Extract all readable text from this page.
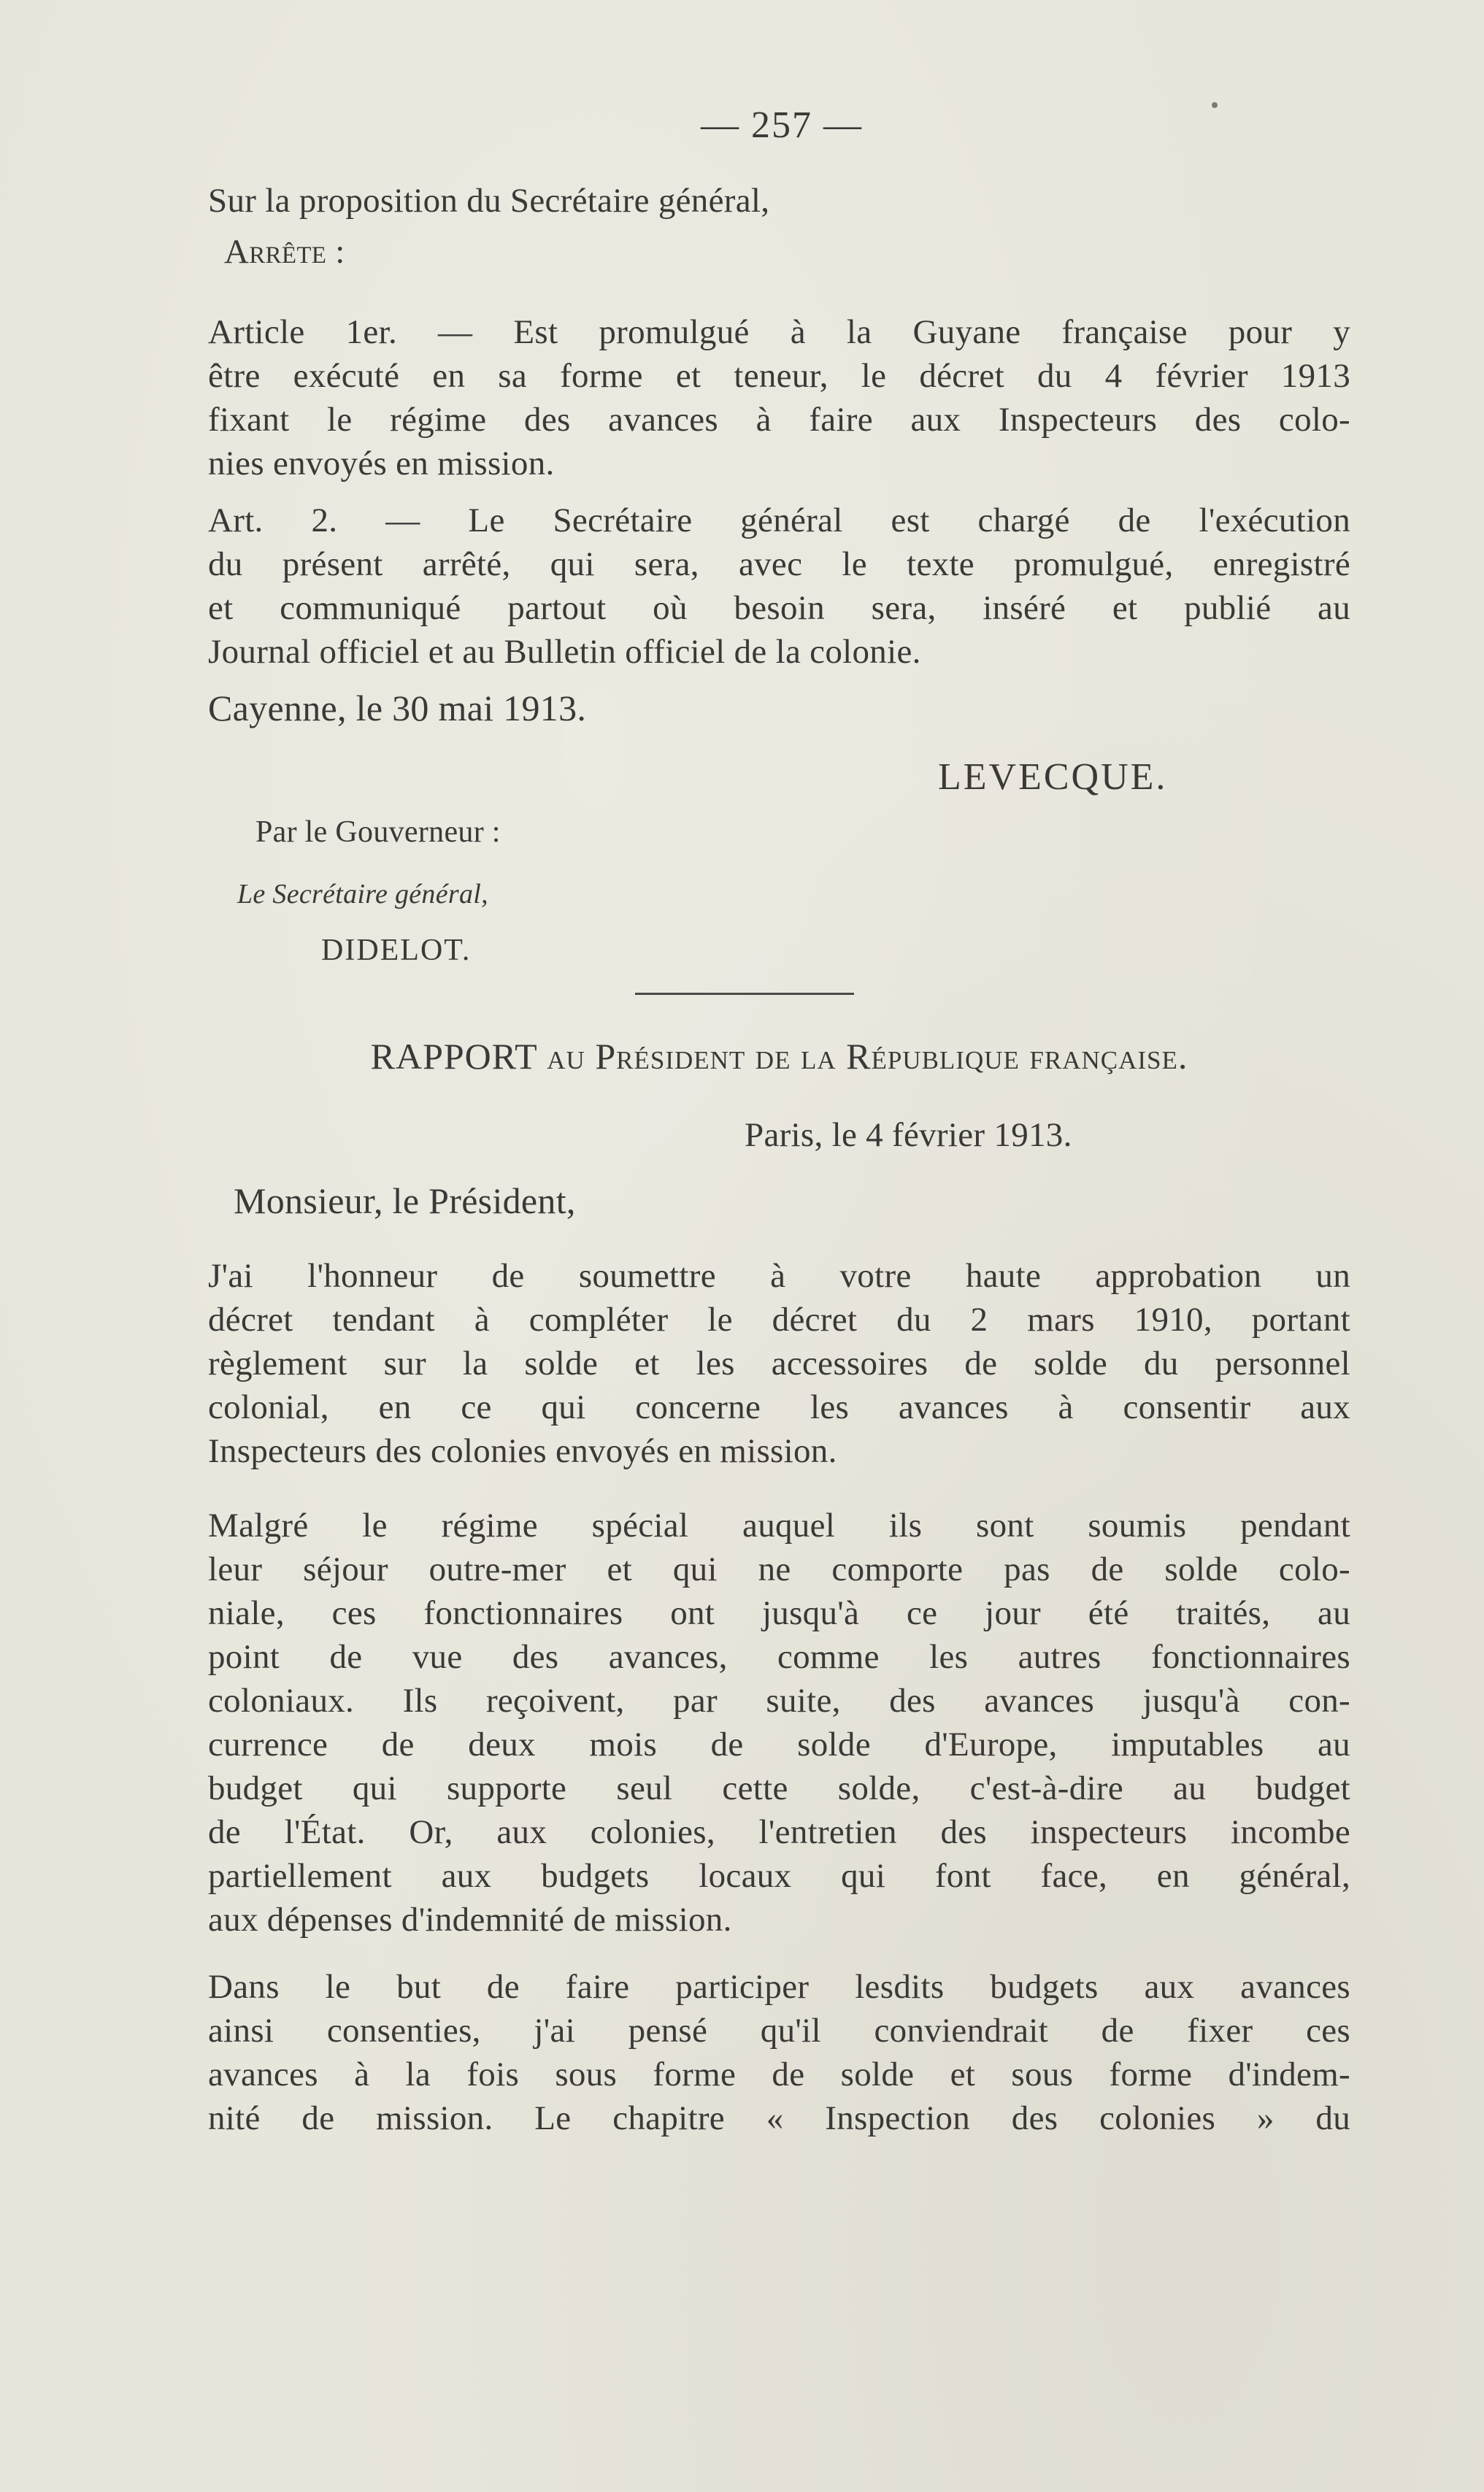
— 257 —
Sur la proposition du Secrétaire général,
Arrête :
Article 1er. — Est promulgué à la Guyane française pour y
être exécuté en sa forme et teneur, le décret du 4 février 1913
fixant le régime des avances à faire aux Inspecteurs des colo-
nies envoyés en mission.
Art. 2. — Le Secrétaire général est chargé de l'exécution
du présent arrêté, qui sera, avec le texte promulgué, enregistré
et communiqué partout où besoin sera, inséré et publié au
Journal officiel et au Bulletin officiel de la colonie.
Cayenne, le 30 mai 1913.
LEVECQUE.
Par le Gouverneur :
Le Secrétaire général,
DIDELOT.
RAPPORT au Président de la République française.
Paris, le 4 février 1913.
Monsieur, le Président,
J'ai l'honneur de soumettre à votre haute approbation un
décret tendant à compléter le décret du 2 mars 1910, portant
règlement sur la solde et les accessoires de solde du personnel
colonial, en ce qui concerne les avances à consentir aux
Inspecteurs des colonies envoyés en mission.
Malgré le régime spécial auquel ils sont soumis pendant
leur séjour outre-mer et qui ne comporte pas de solde colo-
niale, ces fonctionnaires ont jusqu'à ce jour été traités, au
point de vue des avances, comme les autres fonctionnaires
coloniaux. Ils reçoivent, par suite, des avances jusqu'à con-
currence de deux mois de solde d'Europe, imputables au
budget qui supporte seul cette solde, c'est-à-dire au budget
de l'État. Or, aux colonies, l'entretien des inspecteurs incombe
partiellement aux budgets locaux qui font face, en général,
aux dépenses d'indemnité de mission.
Dans le but de faire participer lesdits budgets aux avances
ainsi consenties, j'ai pensé qu'il conviendrait de fixer ces
avances à la fois sous forme de solde et sous forme d'indem-
nité de mission. Le chapitre « Inspection des colonies » du
